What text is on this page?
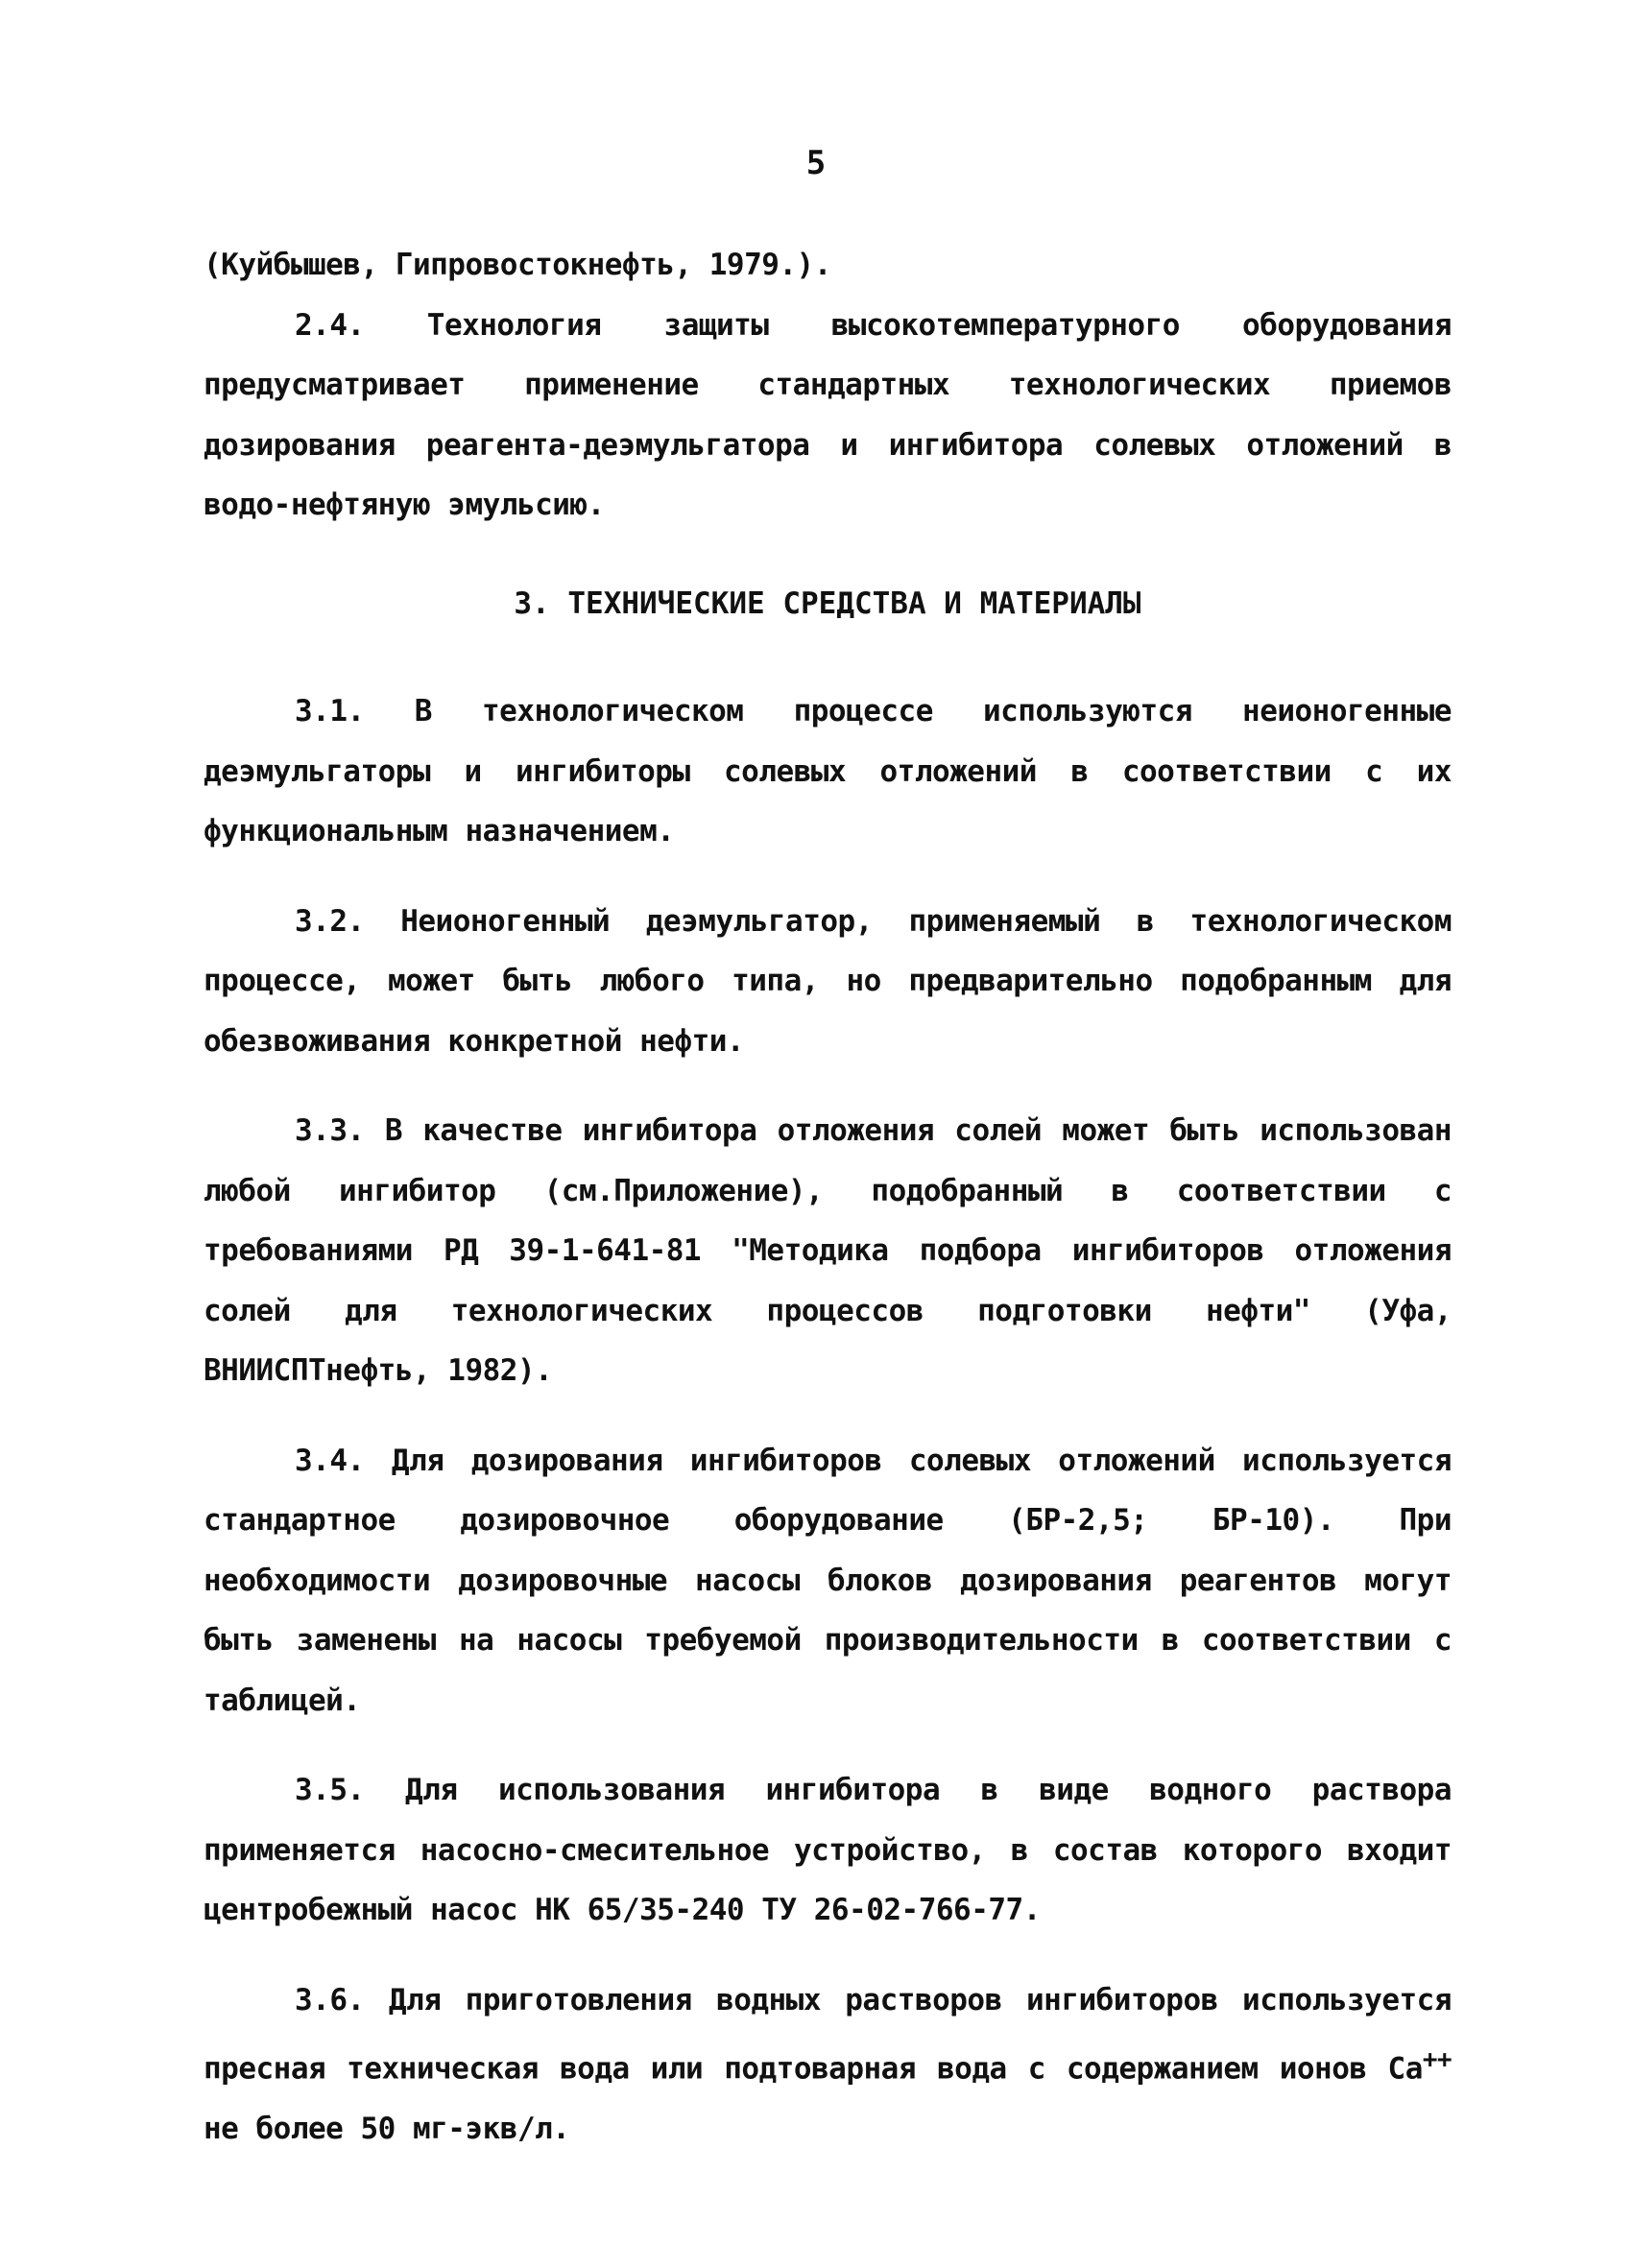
5

(Куйбышев, Гипровостокнефть, 1979.).

2.4. Технология защиты высокотемпературного оборудования предусматривает применение стандартных технологических приемов дозирования реагента-деэмульгатора и ингибитора солевых отложений в водо-нефтяную эмульсию.

3. ТЕХНИЧЕСКИЕ СРЕДСТВА И МАТЕРИАЛЫ

3.1. В технологическом процессе используются неионогенные деэмульгаторы и ингибиторы солевых отложений в соответствии с их функциональным назначением.

3.2. Неионогенный деэмульгатор, применяемый в технологическом процессе, может быть любого типа, но предварительно подобранным для обезвоживания конкретной нефти.

3.3. В качестве ингибитора отложения солей может быть использован любой ингибитор (см.Приложение), подобранный в соответствии с требованиями РД 39-1-641-81 "Методика подбора ингибиторов отложения солей для технологических процессов подготовки нефти" (Уфа, ВНИИСПТнефть, 1982).

3.4. Для дозирования ингибиторов солевых отложений используется стандартное дозировочное оборудование (БР-2,5; БР-10). При необходимости дозировочные насосы блоков дозирования реагентов могут быть заменены на насосы требуемой производительности в соответствии с таблицей.

3.5. Для использования ингибитора в виде водного раствора применяется насосно-смесительное устройство, в состав которого входит центробежный насос НК 65/35-240 ТУ 26-02-766-77.

3.6. Для приготовления водных растворов ингибиторов используется пресная техническая вода или подтоварная вода с содержанием ионов Ca++ не более 50 мг-экв/л.
